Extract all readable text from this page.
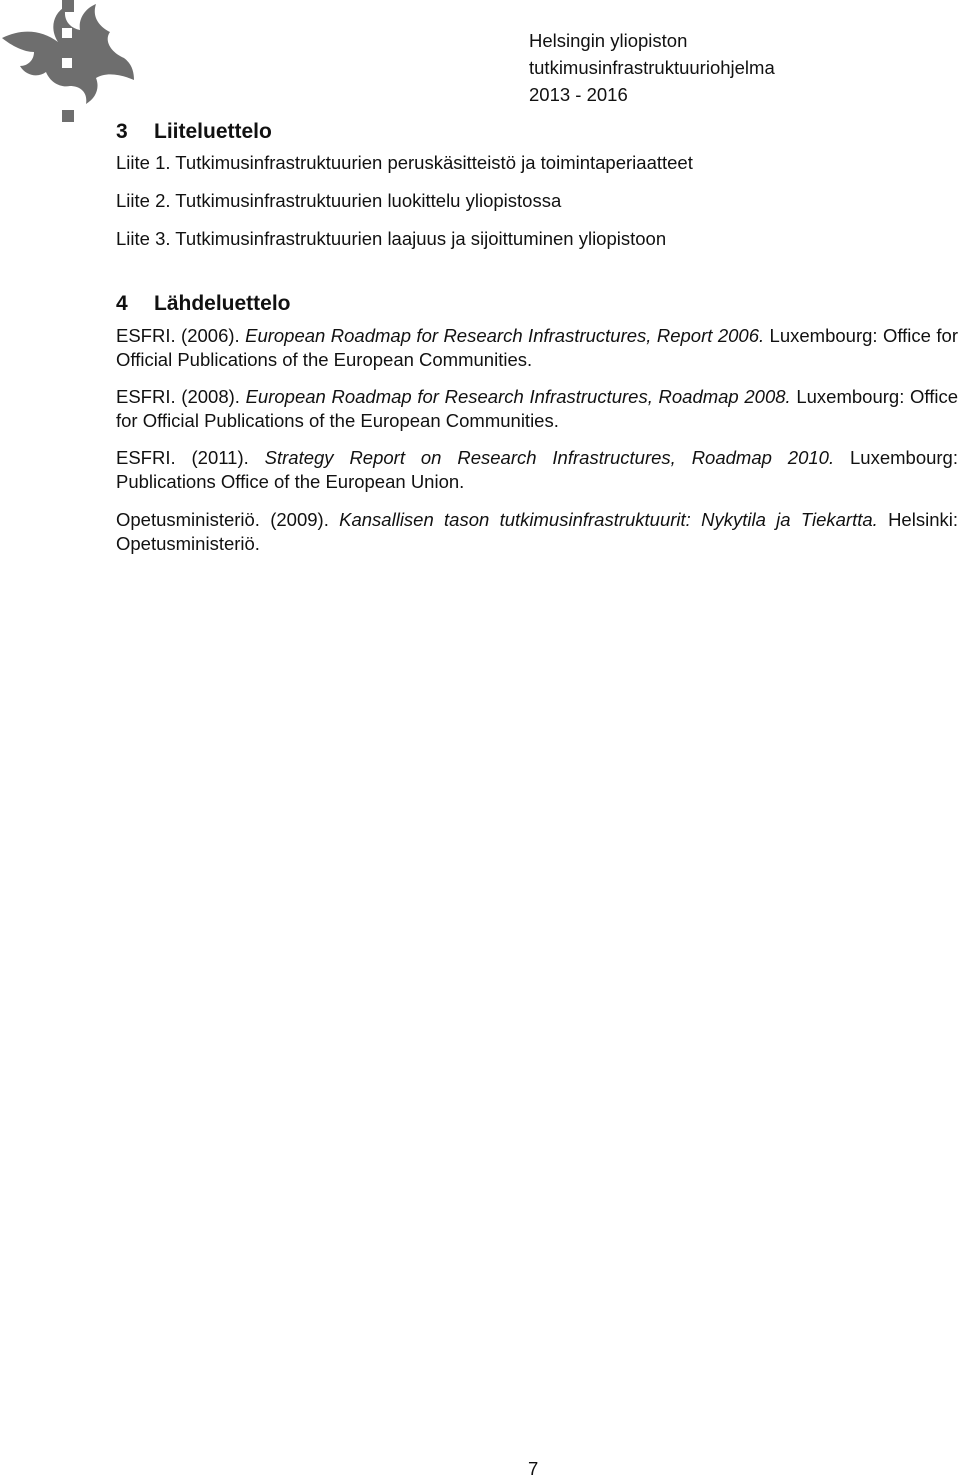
Helsingin yliopiston
tutkimusinfrastruktuuriohjelma
2013 - 2016
3 Liiteluettelo
Liite 1. Tutkimusinfrastruktuurien peruskäsitteistö ja toimintaperiaatteet
Liite 2. Tutkimusinfrastruktuurien luokittelu yliopistossa
Liite 3. Tutkimusinfrastruktuurien laajuus ja sijoittuminen yliopistoon
4 Lähdeluettelo
ESFRI. (2006). European Roadmap for Research Infrastructures, Report 2006. Luxembourg: Office for Official Publications of the European Communities.
ESFRI. (2008). European Roadmap for Research Infrastructures, Roadmap 2008. Luxembourg: Office for Official Publications of the European Communities.
ESFRI. (2011). Strategy Report on Research Infrastructures, Roadmap 2010. Luxembourg: Publications Office of the European Union.
Opetusministeriö. (2009). Kansallisen tason tutkimusinfrastruktuurit: Nykytila ja Tiekartta. Helsinki: Opetusministeriö.
7
